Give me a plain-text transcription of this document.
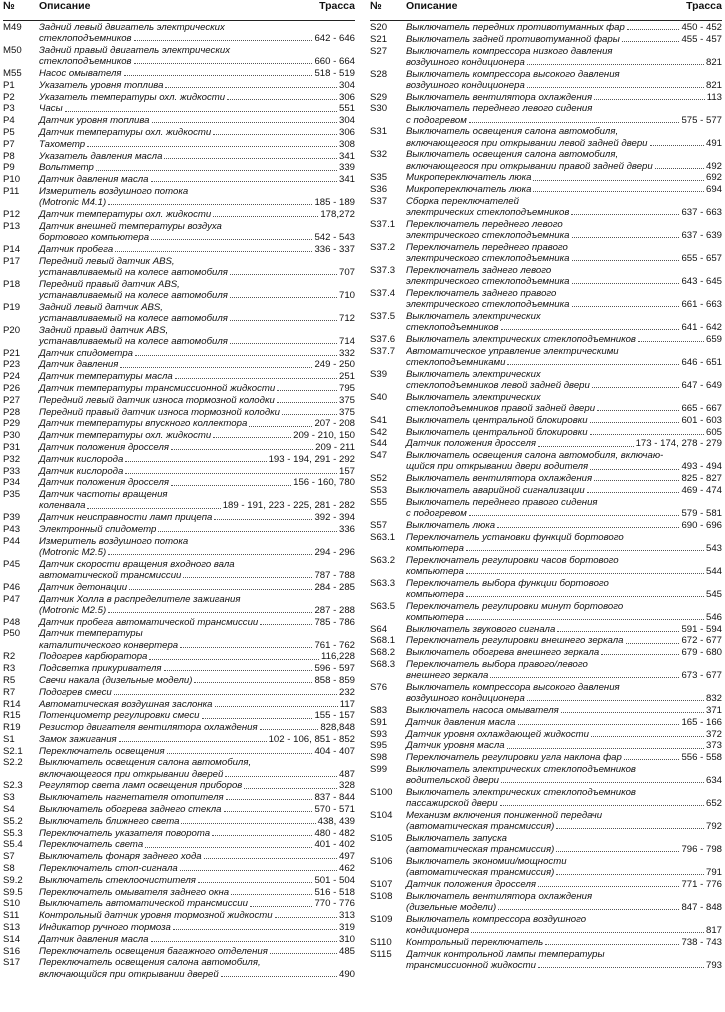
№	Описание	Трасса
M49	Задний левый двигатель электрических
стеклоподъемников	642 - 646
M50	Задний правый двигатель электрических
стеклоподъемников	660 - 664
M55	Насос омывателя	518 - 519
P1	Указатель уровня топлива	304
P2	Указатель температуры охл. жидкости	306
P3	Часы	551
P4	Датчик уровня топлива	304
P5	Датчик температуры охл. жидкости	306
P7	Тахометр	308
P8	Указатель давления масла	341
P9	Вольтметр	339
P10	Датчик давления масла	341
P11	Измеритель воздушного потока
(Motronic M4.1)	185 - 189
P12	Датчик температуры охл. жидкости	178,272
P13	Датчик внешней температуры воздуха
бортового компьютера	542 - 543
P14	Датчик пробега	336 - 337
P17	Передний левый датчик ABS,
устанавливаемый на колесе автомобиля	707
P18	Передний правый датчик ABS,
устанавливаемый на колесе автомобиля	710
P19	Задний левый датчик ABS,
устанавливаемый на колесе автомобиля	712
P20	Задний правый датчик ABS,
устанавливаемый на колесе автомобиля	714
P21	Датчик спидометра	332
P23	Датчик давления	249 - 250
P24	Датчик температуры масла	251
P26	Датчик температуры трансмиссионной жидкости	795
P27	Передний левый датчик износа тормозной колодки	375
P28	Передний правый датчик износа тормозной колодки	375
P29	Датчик температуры впускного коллектора	207 - 208
P30	Датчик температуры охл. жидкости	209 - 210, 150
P31	Датчик положения дросселя	209 - 211
P32	Датчик кислорода	193 - 194, 291 - 292
P33	Датчик кислорода	157
P34	Датчик положения дросселя	156 - 160, 780
P35	Датчик частоты вращения
коленвала	189 - 191, 223 - 225, 281 - 282
P39	Датчик неисправности ламп прицепа	392 - 394
P43	Электронный спидометр	336
P44	Измеритель воздушного потока
(Motronic M2.5)	294 - 296
P45	Датчик скорости вращения входного вала
автоматической трансмиссии	787 - 788
P46	Датчик детонации	284 - 285
P47	Датчик Холла в распределителе зажигания
(Motronic M2.5)	287 - 288
P48	Датчик пробега автоматической трансмиссии	785 - 786
P50	Датчик температуры
каталитического конвертера	761 - 762
R2	Подогрев карбюратора	116,228
R3	Подсветка прикуривателя	596 - 597
R5	Свечи накала (дизельные модели)	858 - 859
R7	Подогрев смеси	232
R14	Автоматическая воздушная заслонка	117
R15	Потенциометр регулировки смеси	155 - 157
R19	Резистор двигателя вентилятора охлаждения	828,848
S1	Замок зажигания	102 - 106, 851 - 852
S2.1	Переключатель освещения	404 - 407
S2.2	Выключатель освещения салона автомобиля,
включающегося при открывании дверей	487
S2.3	Регулятор света ламп освещения приборов	328
S3	Выключатель нагнетателя отопителя	837 - 844
S4	Выключатель обогрева заднего стекла	570 - 571
S5.2	Выключатель ближнего света	438, 439
S5.3	Переключатель указателя поворота	480 - 482
S5.4	Переключатель света	401 - 402
S7	Выключатель фонаря заднего хода	497
S8	Переключатель стоп-сигнала	462
S9.2	Выключатель стеклоочистителя	501 - 504
S9.5	Переключатель омывателя заднего окна	516 - 518
S10	Выключатель автоматической трансмиссии	770 - 776
S11	Контрольный датчик уровня тормозной жидкости	313
S13	Индикатор ручного тормоза	319
S14	Датчик давления масла	310
S16	Переключатель освещения багажного отделения	485
S17	Переключатель освещения салона автомобиля,
включающийся при открывании дверей	490
№	Описание	Трасса
S20	Выключатель передних противотуманных фар	450 - 452
S21	Выключатель задней противотуманной фары	455 - 457
S27	Выключатель компрессора низкого давления
воздушного кондиционера	821
S28	Выключатель компрессора высокого давления
воздушного кондиционера	821
S29	Выключатель вентилятора охлаждения	113
S30	Выключатель переднего левого сидения
с подогревом	575 - 577
S31	Выключатель освещения салона автомобиля,
включающегося при открывании левой задней двери	491
S32	Выключатель освещения салона автомобиля,
включающегося при открывании правой задней двери	492
S35	Микропереключатель люка	692
S36	Микропереключатель люка	694
S37	Сборка переключателей
электрических стеклоподъемников	637 - 663
S37.1	Переключатель переднего левого
электрического стеклоподъемника	637 - 639
S37.2	Переключатель переднего правого
электрического стеклоподъемника	655 - 657
S37.3	Переключатель заднего левого
электрического стеклоподъемника	643 - 645
S37.4	Переключатель заднего правого
электрического стеклоподъемника	661 - 663
S37.5	Выключатель электрических
стеклоподъемников	641 - 642
S37.6	Выключатель электрических стеклоподъемников	659
S37.7	Автоматическое управление электрическими
стеклоподъемниками	646 - 651
S39	Выключатель электрических
стеклоподъемников левой задней двери	647 - 649
S40	Выключатель электрических
стеклоподъемников правой задней двери	665 - 667
S41	Выключатель центральной блокировки	601 - 603
S42	Выключатель центральной блокировки	605
S44	Датчик положения дросселя	173 - 174, 278 - 279
S47	Выключатель освещения салона автомобиля, включаю-
щийся при открывании двери водителя	493 - 494
S52	Выключатель вентилятора охлаждения	825 - 827
S53	Выключатель аварийной сигнализации	469 - 474
S55	Выключатель переднего правого сидения
с подогревом	579 - 581
S57	Выключатель люка	690 - 696
S63.1	Переключатель установки функций бортового
компьютера	543
S63.2	Переключатель регулировки часов бортового
компьютера	544
S63.3	Переключатель выбора функции бортового
компьютера	545
S63.5	Переключатель регулировки минут бортового
компьютера	546
S64	Выключатель звукового сигнала	591 - 594
S68.1	Переключатель регулировки внешнего зеркала	672 - 677
S68.2	Выключатель обогрева внешнего зеркала	679 - 680
S68.3	Переключатель выбора правого/левого
внешнего зеркала	673 - 677
S76	Выключатель компрессора высокого давления
воздушного кондиционера	832
S83	Выключатель насоса омывателя	371
S91	Датчик давления масла	165 - 166
S93	Датчик уровня охлаждающей жидкости	372
S95	Датчик уровня масла	373
S98	Переключатель регулировки угла наклона фар	556 - 558
S99	Выключатель электрических стеклоподъемников
водительской двери	634
S100	Выключатель электрических стеклоподъемников
пассажирской двери	652
S104	Механизм включения пониженной передачи
(автоматическая трансмиссия)	792
S105	Выключатель запуска
(автоматическая трансмиссия)	796 - 798
S106	Выключатель экономии/мощности
(автоматическая трансмиссия)	791
S107	Датчик положения дросселя	771 - 776
S108	Выключатель вентилятора охлаждения
(дизельные модели)	847 - 848
S109	Выключатель компрессора воздушного
кондиционера	817
S110	Контрольный переключатель	738 - 743
S115	Датчик контрольной лампы температуры
трансмиссионной жидкости	793
